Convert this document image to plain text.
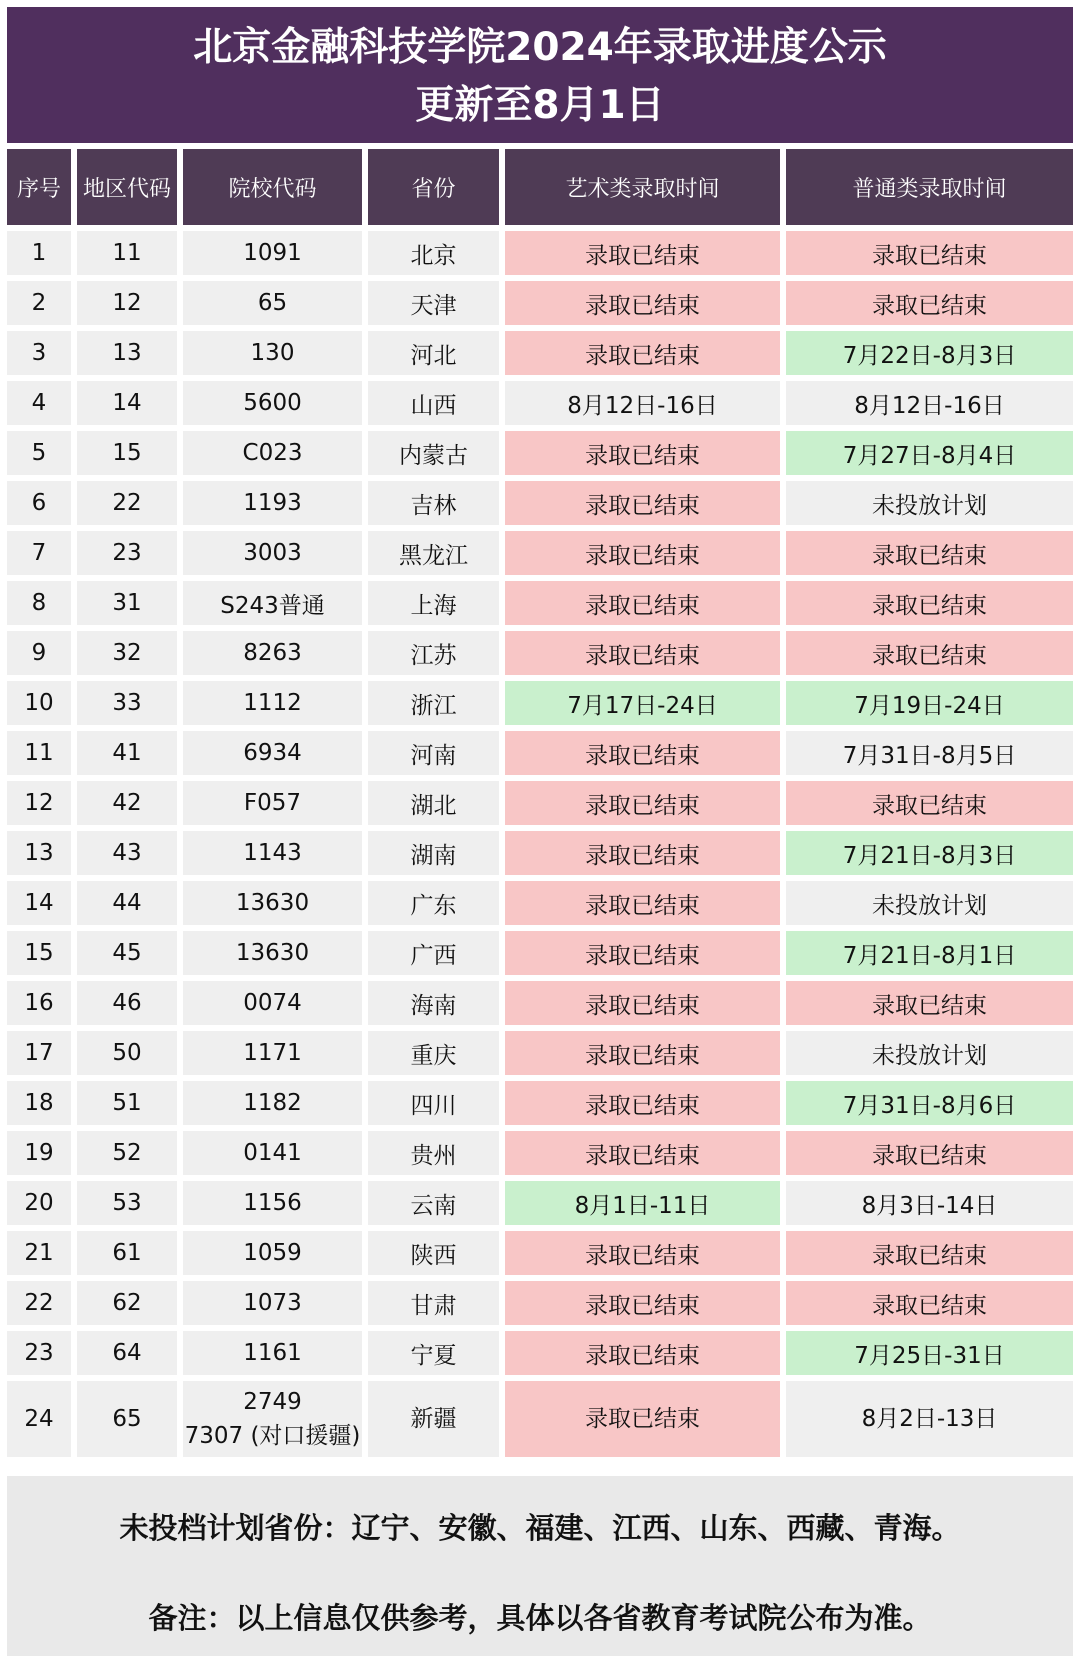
北京金融科技学院2024年录取进度公示
更新至8月1日
序号	地区代码	院校代码	省份	艺术类录取时间	普通类录取时间
1	11	1091	北京	录取已结束	录取已结束
2	12	65	天津	录取已结束	录取已结束
3	13	130	河北	录取已结束	7月22日-8月3日
4	14	5600	山西	8月12日-16日	8月12日-16日
5	15	C023	内蒙古	录取已结束	7月27日-8月4日
6	22	1193	吉林	录取已结束	未投放计划
7	23	3003	黑龙江	录取已结束	录取已结束
8	31	S243普通	上海	录取已结束	录取已结束
9	32	8263	江苏	录取已结束	录取已结束
10	33	1112	浙江	7月17日-24日	7月19日-24日
11	41	6934	河南	录取已结束	7月31日-8月5日
12	42	F057	湖北	录取已结束	录取已结束
13	43	1143	湖南	录取已结束	7月21日-8月3日
14	44	13630	广东	录取已结束	未投放计划
15	45	13630	广西	录取已结束	7月21日-8月1日
16	46	0074	海南	录取已结束	录取已结束
17	50	1171	重庆	录取已结束	未投放计划
18	51	1182	四川	录取已结束	7月31日-8月6日
19	52	0141	贵州	录取已结束	录取已结束
20	53	1156	云南	8月1日-11日	8月3日-14日
21	61	1059	陕西	录取已结束	录取已结束
22	62	1073	甘肃	录取已结束	录取已结束
23	64	1161	宁夏	录取已结束	7月25日-31日
24	65	2749
7307 (对口援疆)	新疆	录取已结束	8月2日-13日
未投档计划省份：辽宁、安徽、福建、江西、山东、西藏、青海。
备注：以上信息仅供参考，具体以各省教育考试院公布为准。
